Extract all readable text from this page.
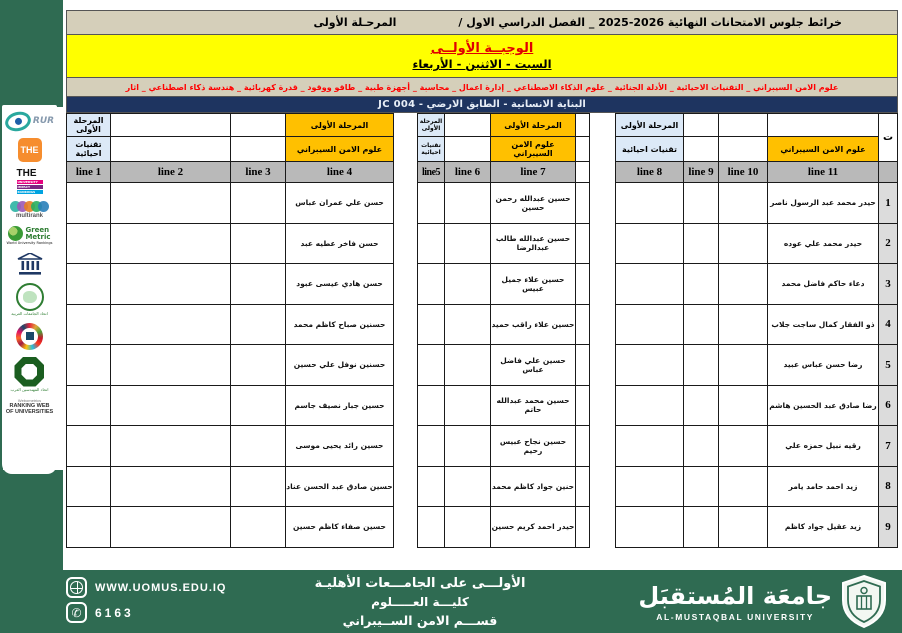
خرائط جلوس الامتحانات النهائية 2026-2025 _ الفصل الدراسي الاول /
المرحـلة الأولى
الوجبــة الأولــى
السبت - الاثنين - الأربعاء
علوم الامن السيبراني _ التقنيات الاحيائية _ الأدلة الجنائية _ علوم الذكاء الاصطناعي _ إدارة اعمال _ محاسبة _ أجهزة طبية _ طاقو ووقود _ قدرة كهربائية _ هندسة ذكاء اصطناعي _ اثار
البناية الانسانية - الطابق الارضي - JC 004
المرحلة الأولى			المرحلة الأولى		المرحلة الأولى		المرحلة الأولى			المرحلة الأولى				ت
تقنيات احيائية			علوم الامن السيبراني		تقنيات احيائية		علوم الامن السيبراني			تقنيات احيائية			علوم الامن السيبراني	
line 1	line 2	line 3	line 4		line5	line 6	line 7			line 8	line 9	line 10	line 11	
			حسن علي عمران عباس				حسين عبدالله رحمن حسين						حيدر محمد عبد الرسول ناصر	1
			حسن فاخر عطيه عبد				حسين عبدالله طالب عبدالرضا						حيدر محمد علي عوده	2
			حسن هادي عيسى عبود				حسين علاء جميل عبيس						دعاء حاكم فاضل محمد	3
			حسنين صباح كاظم محمد				حسين علاء راقب حميد						ذو الفقار كمال ساجت جلاب	4
			حسنين نوفل علي حسين				حسين علي فاضل عباس						رضا حسن عباس عبيد	5
			حسين جبار نصيف جاسم				حسين محمد عبدالله حاتم						رضا صادق عبد الحسين هاشم	6
			حسين رائد يحيى موسى				حسين نجاح عبيس رحيم						رقيه نبيل حمزه علي	7
			حسين صادق عبد الحسن عناد				حنين جواد كاظم محمد						زيد احمد حامد يامر	8
			حسين صفاء كاظم حسين				حيدر احمد كريم حسين						زيد عقيل جواد كاظم	9
RUR
THE
THE
UNIVERSITY
IMPACT
RANKINGS
multirank
Green
Metric
World University Rankings
اتحاد الجامعات العربية
اتحاد المهندسين العرب
Webometrics
RANKING WEB
OF UNIVERSITIES
WWW.UOMUS.EDU.IQ
✆ 6163
الأولـــى على الجامـــعات الأهليـة
كليـــة العـــــلوم
قســـم الامن الســيبراني
جامعَة المُستقبَل
AL-MUSTAQBAL UNIVERSITY
